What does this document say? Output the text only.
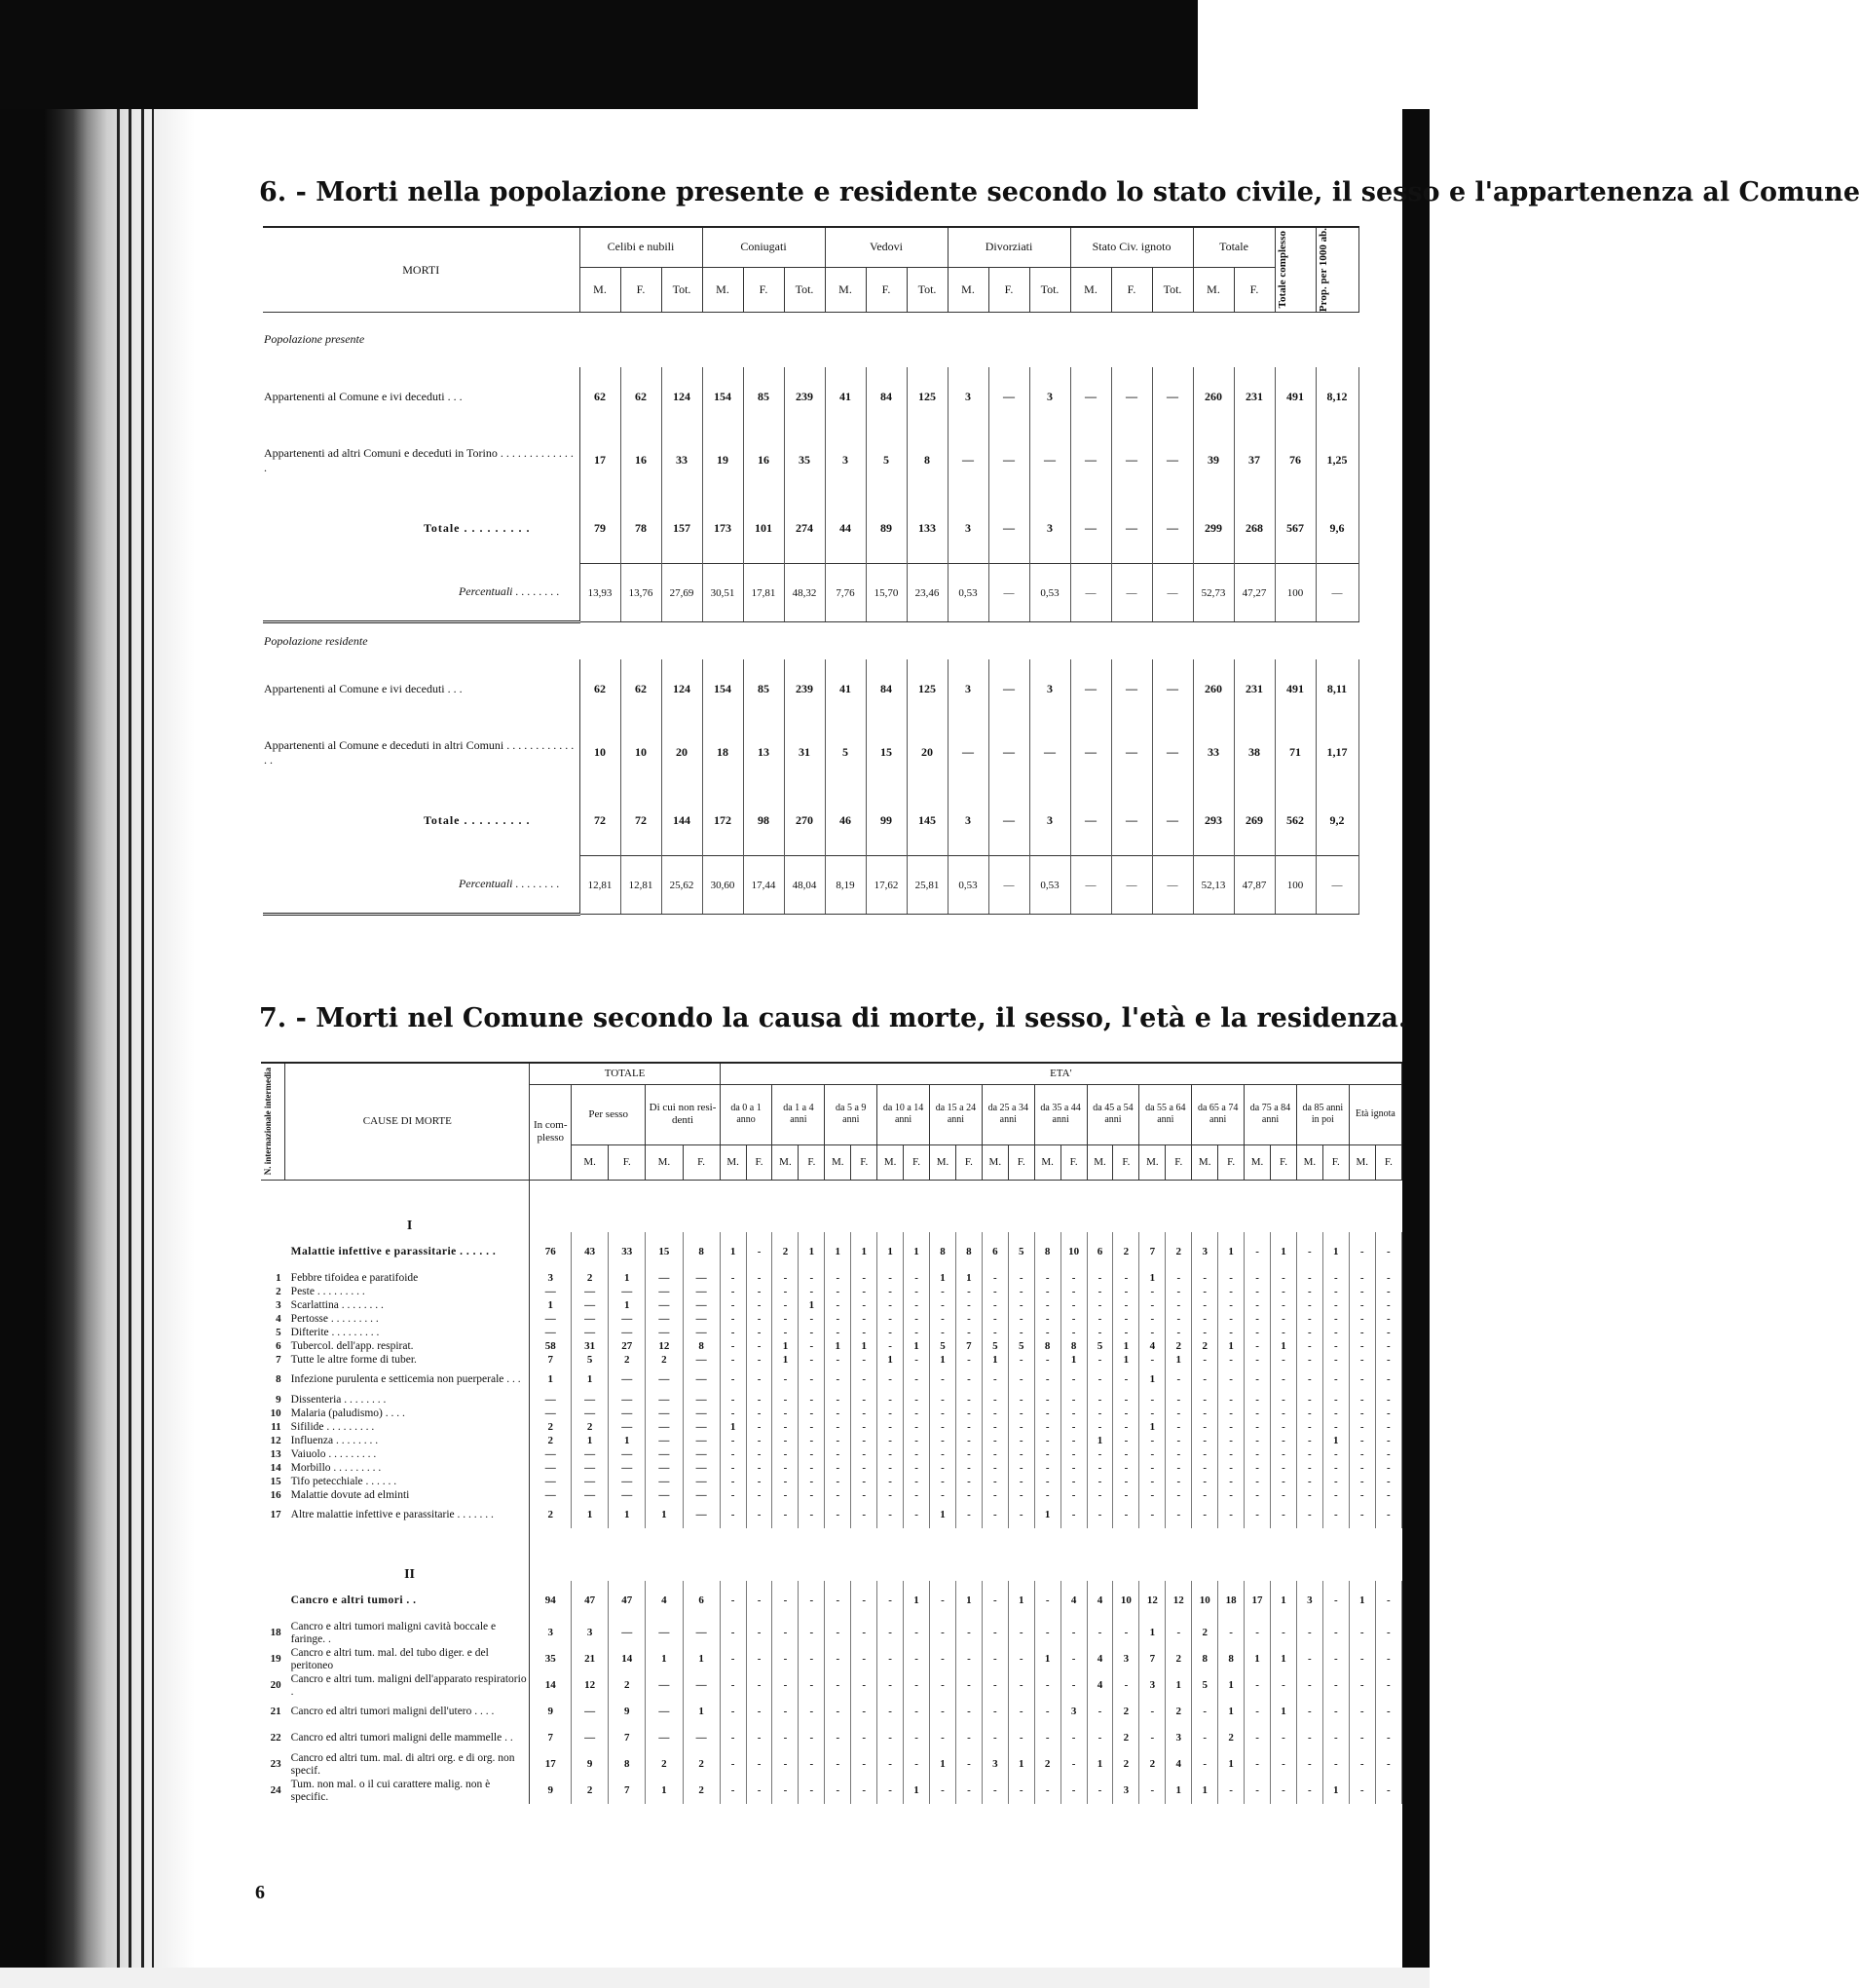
6. - Morti nella popolazione presente e residente secondo lo stato civile, il sesso e l'appartenenza al Comune
MORTI	Celibi e nubili			Coniugati			Vedovi			Divorziati			Stato Civ. ignoto			Totale		Totale complesso	Prop. per 1000 ab.

	M.	F.	Tot.	M.	F.	Tot.	M.	F.	Tot.	M.	F.	Tot.	M.	F.	Tot.	M.	F.		
Popolazione presente																			
Appartenenti al Comune e ivi deceduti . . .	62	62	124	154	85	239	41	84	125	3	—	3	—	—	—	260	231	491	8,12
Appartenenti ad altri Comuni e deceduti in Torino . . . . . . . . . . . . . .	17	16	33	19	16	35	3	5	8	—	—	—	—	—	—	39	37	76	1,25
Totale . . . . . . . . .	79	78	157	173	101	274	44	89	133	3	—	3	—	—	—	299	268	567	9,6
Percentuali . . . . . . . .	13,93	13,76	27,69	30,51	17,81	48,32	7,76	15,70	23,46	0,53	—	0,53	—	—	—	52,73	47,27	100	—
Popolazione residente																			
Appartenenti al Comune e ivi deceduti . . .	62	62	124	154	85	239	41	84	125	3	—	3	—	—	—	260	231	491	8,11
Appartenenti al Comune e deceduti in altri Comuni . . . . . . . . . . . . . .	10	10	20	18	13	31	5	15	20	—	—	—	—	—	—	33	38	71	1,17
Totale . . . . . . . . .	72	72	144	172	98	270	46	99	145	3	—	3	—	—	—	293	269	562	9,2
Percentuali . . . . . . . .	12,81	12,81	25,62	30,60	17,44	48,04	8,19	17,62	25,81	0,53	—	0,53	—	—	—	52,13	47,87	100	—
7. - Morti nel Comune secondo la causa di morte, il sesso, l'età e la residenza.
N. internazionale intermedia	CAUSE DI MORTE	TOTALE					ETA'																									
		In com-plesso	Per sesso		Di cui non resi-denti		da 0 a 1 anno		da 1 a 4 anni		da 5 a 9 anni		da 10 a 14 anni		da 15 a 24 anni		da 25 a 34 anni		da 35 a 44 anni		da 45 a 54 anni		da 55 a 64 anni		da 65 a 74 anni		da 75 a 84 anni		da 85 anni in poi		Età ignota	
			M.	F.	M.	F.	M.	F.	M.	F.	M.	F.	M.	F.	M.	F.	M.	F.	M.	F.	M.	F.	M.	F.	M.	F.	M.	F.	M.	F.	M.	F.
	I																															
	Malattie infettive e parassitarie . . . . . .	76	43	33	15	8	1	-	2	1	1	1	1	1	8	8	6	5	8	10	6	2	7	2	3	1	-	1	-	1	-	-
1	Febbre tifoidea e paratifoide	3	2	1	—	—	-	-	-	-	-	-	-	-	1	1	-	-	-	-	-	-	1	-	-	-	-	-	-	-	-	-
2	Peste . . . . . . . . .	—	—	—	—	—	-	-	-	-	-	-	-	-	-	-	-	-	-	-	-	-	-	-	-	-	-	-	-	-	-	-
3	Scarlattina . . . . . . . .	1	—	1	—	—	-	-	-	1	-	-	-	-	-	-	-	-	-	-	-	-	-	-	-	-	-	-	-	-	-	-
4	Pertosse . . . . . . . . .	—	—	—	—	—	-	-	-	-	-	-	-	-	-	-	-	-	-	-	-	-	-	-	-	-	-	-	-	-	-	-
5	Difterite . . . . . . . . .	—	—	—	—	—	-	-	-	-	-	-	-	-	-	-	-	-	-	-	-	-	-	-	-	-	-	-	-	-	-	-
6	Tubercol. dell'app. respirat.	58	31	27	12	8	-	-	1	-	1	1	-	1	5	7	5	5	8	8	5	1	4	2	2	1	-	1	-	-	-	-
7	Tutte le altre forme di tuber.	7	5	2	2	—	-	-	1	-	-	-	1	-	1	-	1	-	-	1	-	1	-	1	-	-	-	-	-	-	-	-
8	Infezione purulenta e setticemia non puerperale . . .	1	1	—	—	—	-	-	-	-	-	-	-	-	-	-	-	-	-	-	-	-	1	-	-	-	-	-	-	-	-	-
9	Dissenteria . . . . . . . .	—	—	—	—	—	-	-	-	-	-	-	-	-	-	-	-	-	-	-	-	-	-	-	-	-	-	-	-	-	-	-
10	Malaria (paludismo) . . . .	—	—	—	—	—	-	-	-	-	-	-	-	-	-	-	-	-	-	-	-	-	-	-	-	-	-	-	-	-	-	-
11	Sifilide . . . . . . . . .	2	2	—	—	—	1	-	-	-	-	-	-	-	-	-	-	-	-	-	-	-	1	-	-	-	-	-	-	-	-	-
12	Influenza . . . . . . . .	2	1	1	—	—	-	-	-	-	-	-	-	-	-	-	-	-	-	-	1	-	-	-	-	-	-	-	-	1	-	-
13	Vaiuolo . . . . . . . . .	—	—	—	—	—	-	-	-	-	-	-	-	-	-	-	-	-	-	-	-	-	-	-	-	-	-	-	-	-	-	-
14	Morbillo . . . . . . . . .	—	—	—	—	—	-	-	-	-	-	-	-	-	-	-	-	-	-	-	-	-	-	-	-	-	-	-	-	-	-	-
15	Tifo petecchiale . . . . . .	—	—	—	—	—	-	-	-	-	-	-	-	-	-	-	-	-	-	-	-	-	-	-	-	-	-	-	-	-	-	-
16	Malattie dovute ad elminti	—	—	—	—	—	-	-	-	-	-	-	-	-	-	-	-	-	-	-	-	-	-	-	-	-	-	-	-	-	-	-
17	Altre malattie infettive e parassitarie . . . . . . .	2	1	1	1	—	-	-	-	-	-	-	-	-	1	-	-	-	1	-	-	-	-	-	-	-	-	-	-	-	-	-
	II																															
	Cancro e altri tumori . .	94	47	47	4	6	-	-	-	-	-	-	-	1	-	1	-	1	-	4	4	10	12	12	10	18	17	1	3	-	1	-
18	Cancro e altri tumori maligni cavità boccale e faringe. .	3	3	—	—	—	-	-	-	-	-	-	-	-	-	-	-	-	-	-	-	-	1	-	2	-	-	-	-	-	-	-
19	Cancro e altri tum. mal. del tubo diger. e del peritoneo	35	21	14	1	1	-	-	-	-	-	-	-	-	-	-	-	-	1	-	4	3	7	2	8	8	1	1	-	-	-	-
20	Cancro e altri tum. maligni dell'apparato respiratorio .	14	12	2	—	—	-	-	-	-	-	-	-	-	-	-	-	-	-	-	4	-	3	1	5	1	-	-	-	-	-	-
21	Cancro ed altri tumori maligni dell'utero . . . .	9	—	9	—	1	-	-	-	-	-	-	-	-	-	-	-	-	-	3	-	2	-	2	-	1	-	1	-	-	-	-
22	Cancro ed altri tumori maligni delle mammelle . .	7	—	7	—	—	-	-	-	-	-	-	-	-	-	-	-	-	-	-	-	2	-	3	-	2	-	-	-	-	-	-
23	Cancro ed altri tum. mal. di altri org. e di org. non specif.	17	9	8	2	2	-	-	-	-	-	-	-	-	1	-	3	1	2	-	1	2	2	4	-	1	-	-	-	-	-	-
24	Tum. non mal. o il cui carattere malig. non è specific.	9	2	7	1	2	-	-	-	-	-	-	-	1	-	-	-	-	-	-	-	3	-	1	1	-	-	-	-	1	-	-
6
